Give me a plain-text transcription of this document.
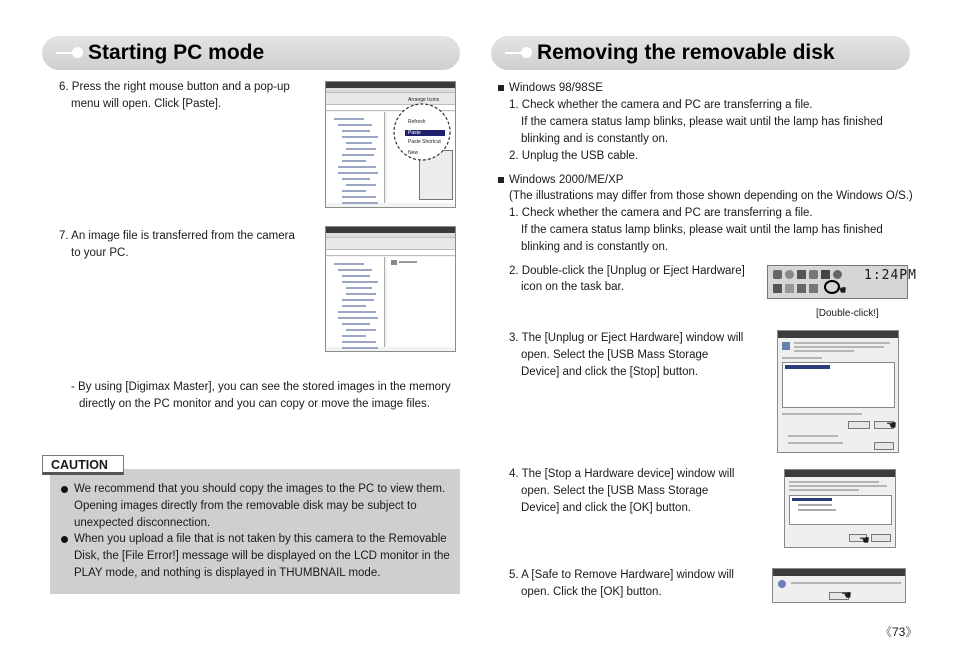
Starting PC mode	Removing the removable disk
6. Press the right mouse button and a pop-up
menu will open. Click [Paste].
7. An image file is transferred from the camera
to your PC.
- By using [Digimax Master], you can see the stored images in the memory
directly on the PC monitor and you can copy or move the image files.
Arrange Icons
Refresh
Paste
Paste Shortcut
New
CAUTION
We recommend that you should copy the images to the PC to view them.
Opening images directly from the removable disk may be subject to
unexpected disconnection.
When you upload a file that is not taken by this camera to the Removable
Disk, the [File Error!] message will be displayed on the LCD monitor in the
PLAY mode, and nothing is displayed in THUMBNAIL mode.
Windows 98/98SE
1. Check whether the camera and PC are transferring a file.
If the camera status lamp blinks, please wait until the lamp has finished
blinking and is constantly on.
2. Unplug the USB cable.
Windows 2000/ME/XP
(The illustrations may differ from those shown depending on the Windows O/S.)
1. Check whether the camera and PC are transferring a file.
If the camera status lamp blinks, please wait until the lamp has finished
blinking and is constantly on.
2. Double-click the [Unplug or Eject Hardware]
icon on the task bar.	☚
1:24PM
[Double-click!]
3. The [Unplug or Eject Hardware] window will
open. Select the [USB Mass Storage
Device] and click the [Stop] button.
☚
4. The [Stop a Hardware device] window will
open. Select the [USB Mass Storage
Device] and click the [OK] button.
☚
5. A [Safe to Remove Hardware] window will
open. Click the [OK] button.	☚
《73》
